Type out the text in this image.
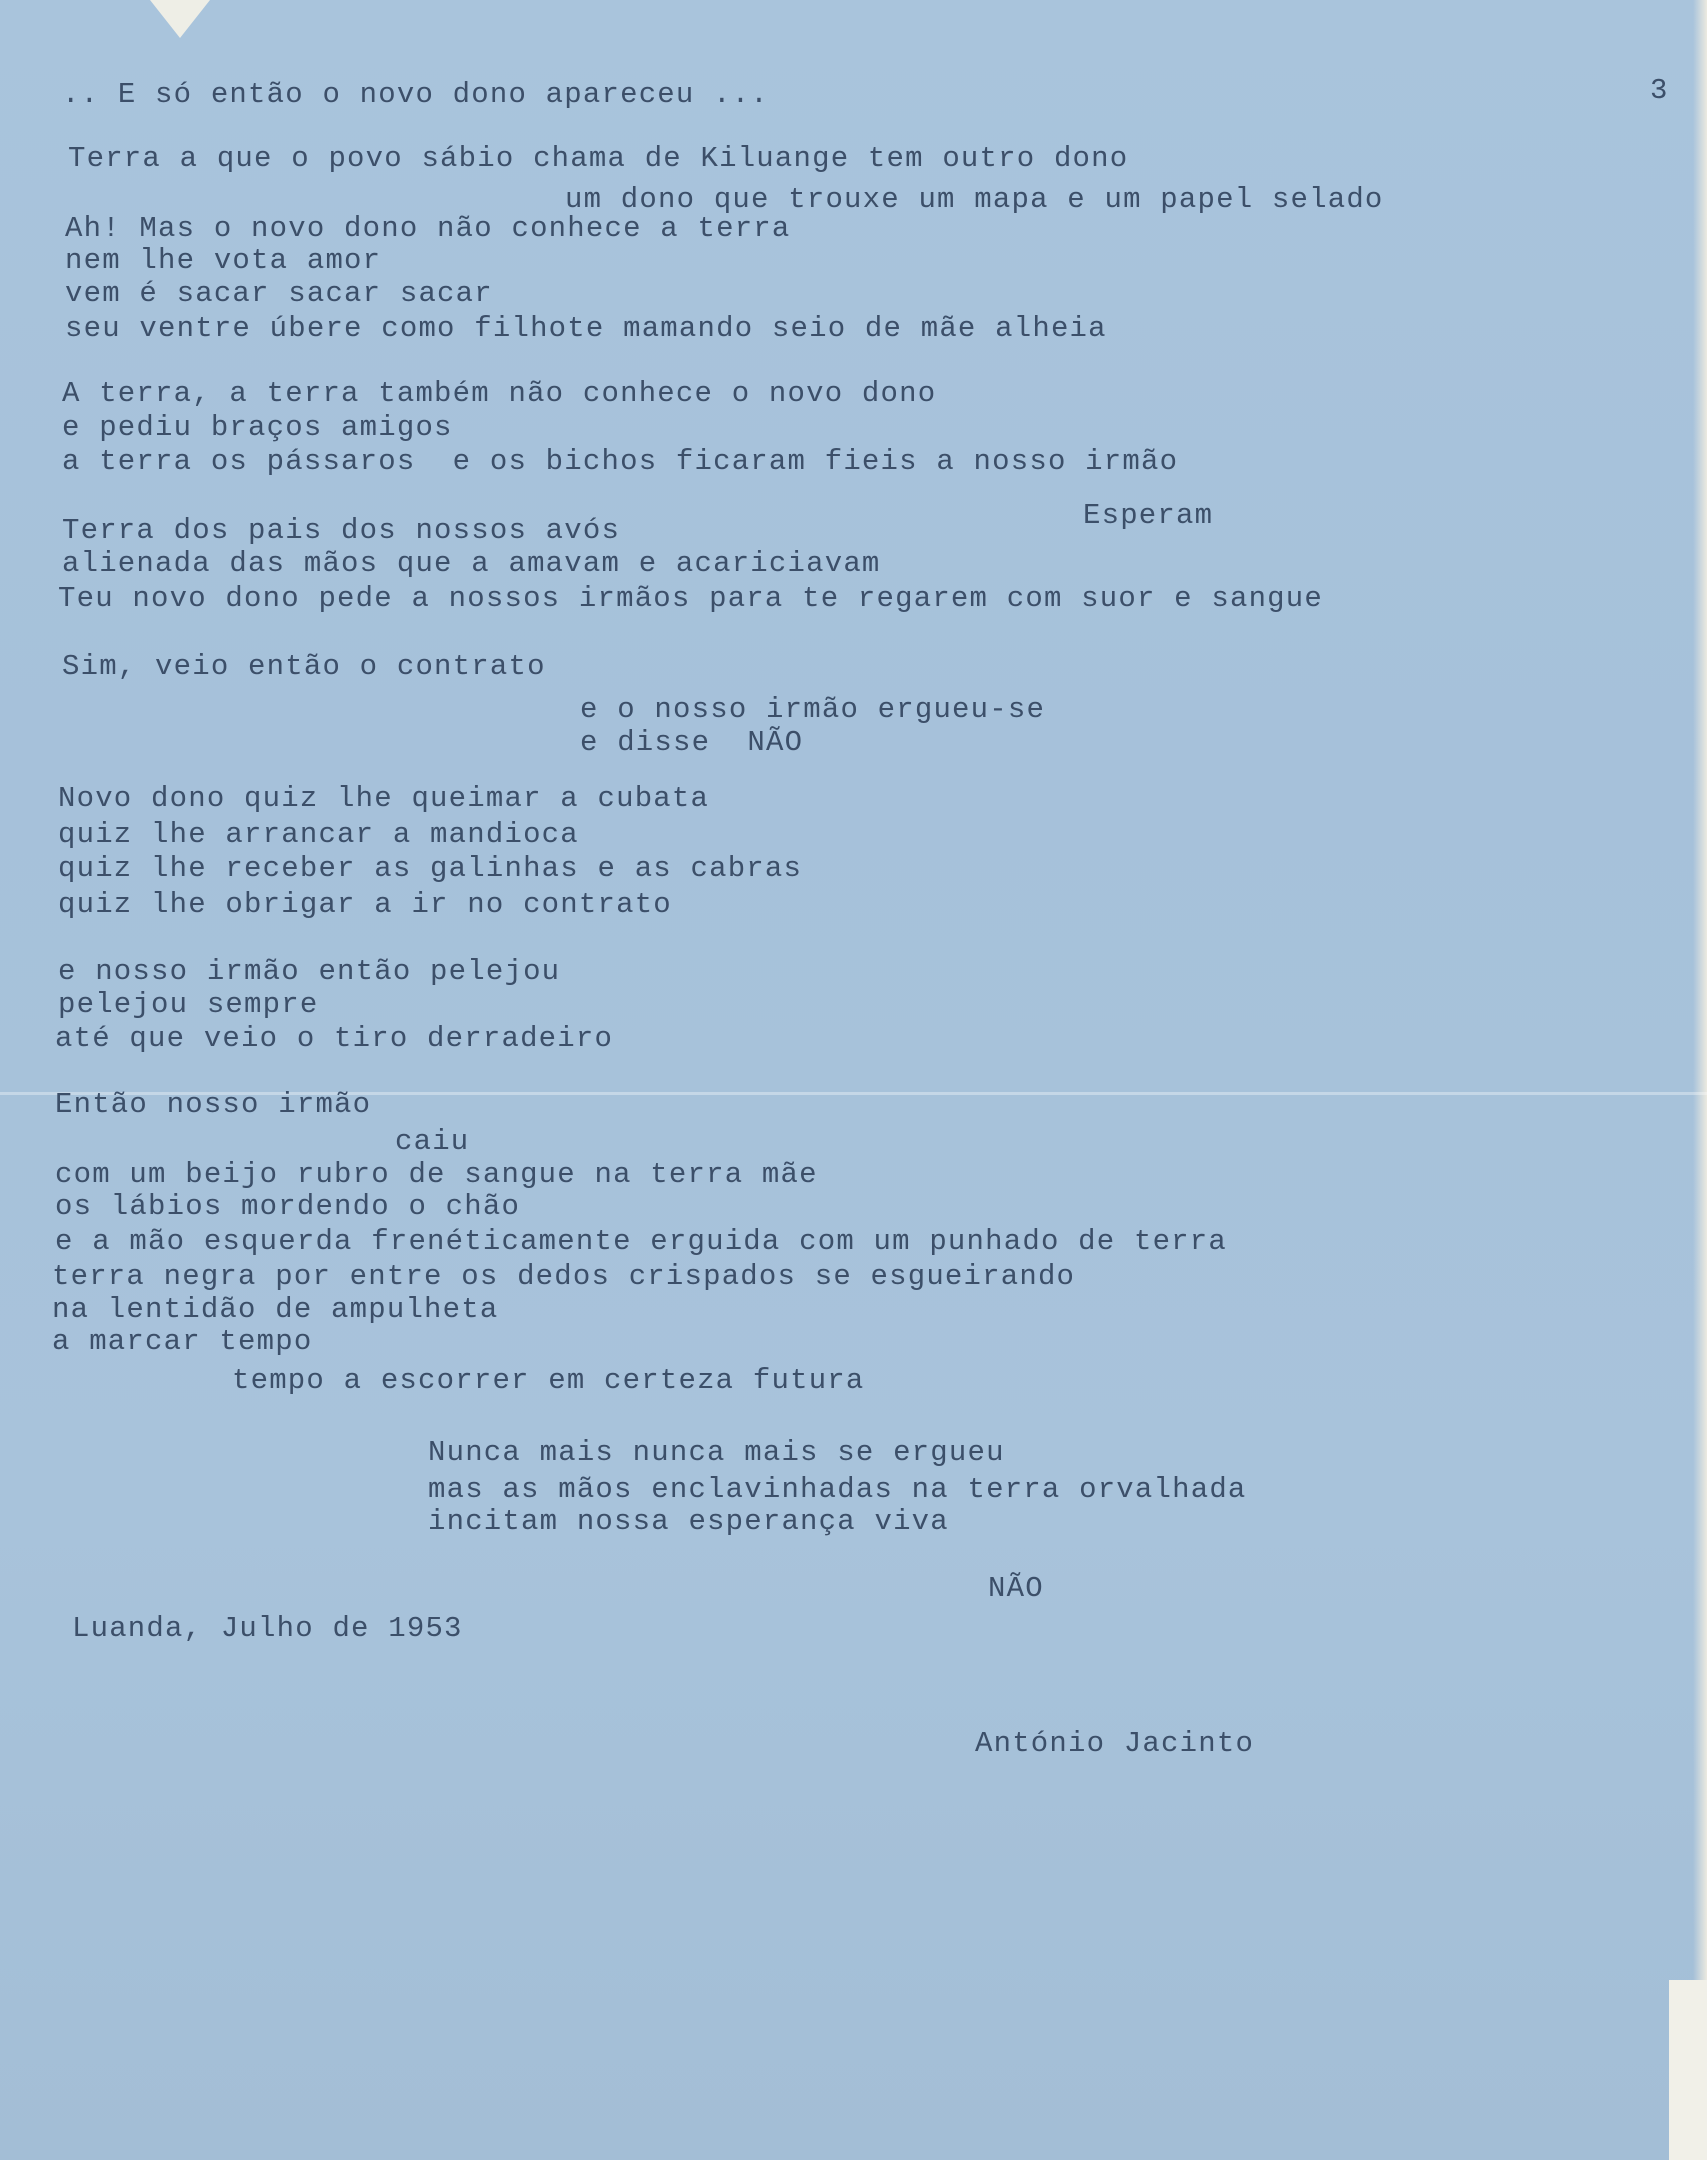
3
.. E só então o novo dono apareceu ...
Terra a que o povo sábio chama de Kiluange tem outro dono
um dono que trouxe um mapa e um papel selado
Ah! Mas o novo dono não conhece a terra
nem lhe vota amor
vem é sacar sacar sacar
seu ventre úbere como filhote mamando seio de mãe alheia
A terra, a terra também não conhece o novo dono
e pediu braços amigos
a terra os pássaros  e os bichos ficaram fieis a nosso irmão
Esperam
Terra dos pais dos nossos avós
alienada das mãos que a amavam e acariciavam
Teu novo dono pede a nossos irmãos para te regarem com suor e sangue
Sim, veio então o contrato
e o nosso irmão ergueu-se
e disse  NÃO
Novo dono quiz lhe queimar a cubata
quiz lhe arrancar a mandioca
quiz lhe receber as galinhas e as cabras
quiz lhe obrigar a ir no contrato
e nosso irmão então pelejou
pelejou sempre
até que veio o tiro derradeiro
Então nosso irmão
caiu
com um beijo rubro de sangue na terra mãe
os lábios mordendo o chão
e a mão esquerda frenéticamente erguida com um punhado de terra
terra negra por entre os dedos crispados se esgueirando
na lentidão de ampulheta
a marcar tempo
tempo a escorrer em certeza futura
Nunca mais nunca mais se ergueu
mas as mãos enclavinhadas na terra orvalhada
incitam nossa esperança viva
NÃO
Luanda, Julho de 1953
António Jacinto
